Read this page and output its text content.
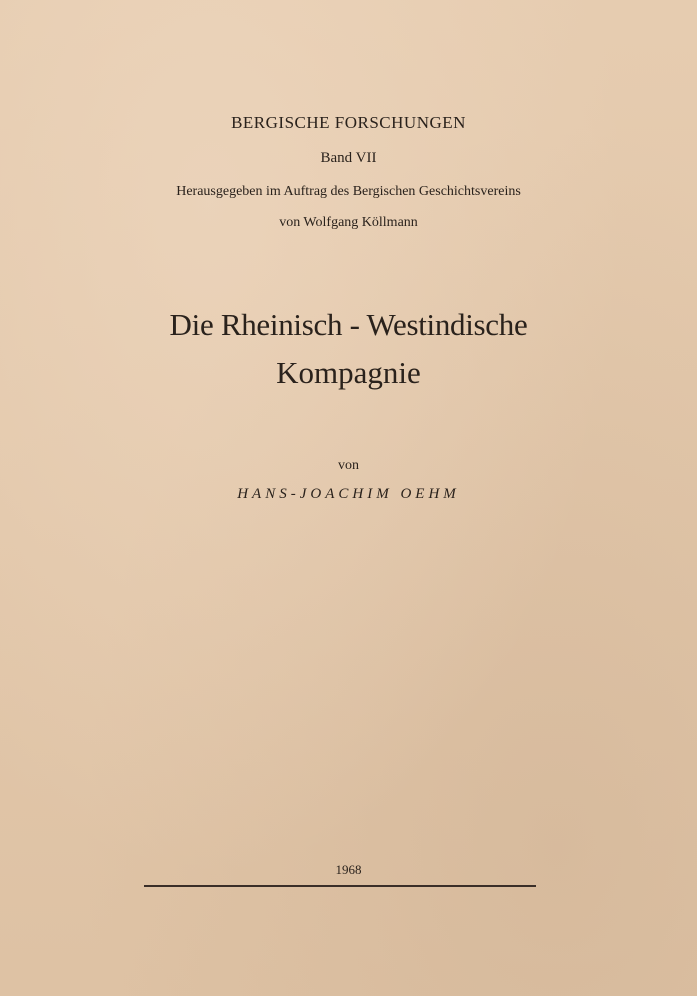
BERGISCHE FORSCHUNGEN
Band VII
Herausgegeben im Auftrag des Bergischen Geschichtsvereins
von Wolfgang Köllmann
Die Rheinisch - Westindische
Kompagnie
von
HANS-JOACHIM OEHM
1968
